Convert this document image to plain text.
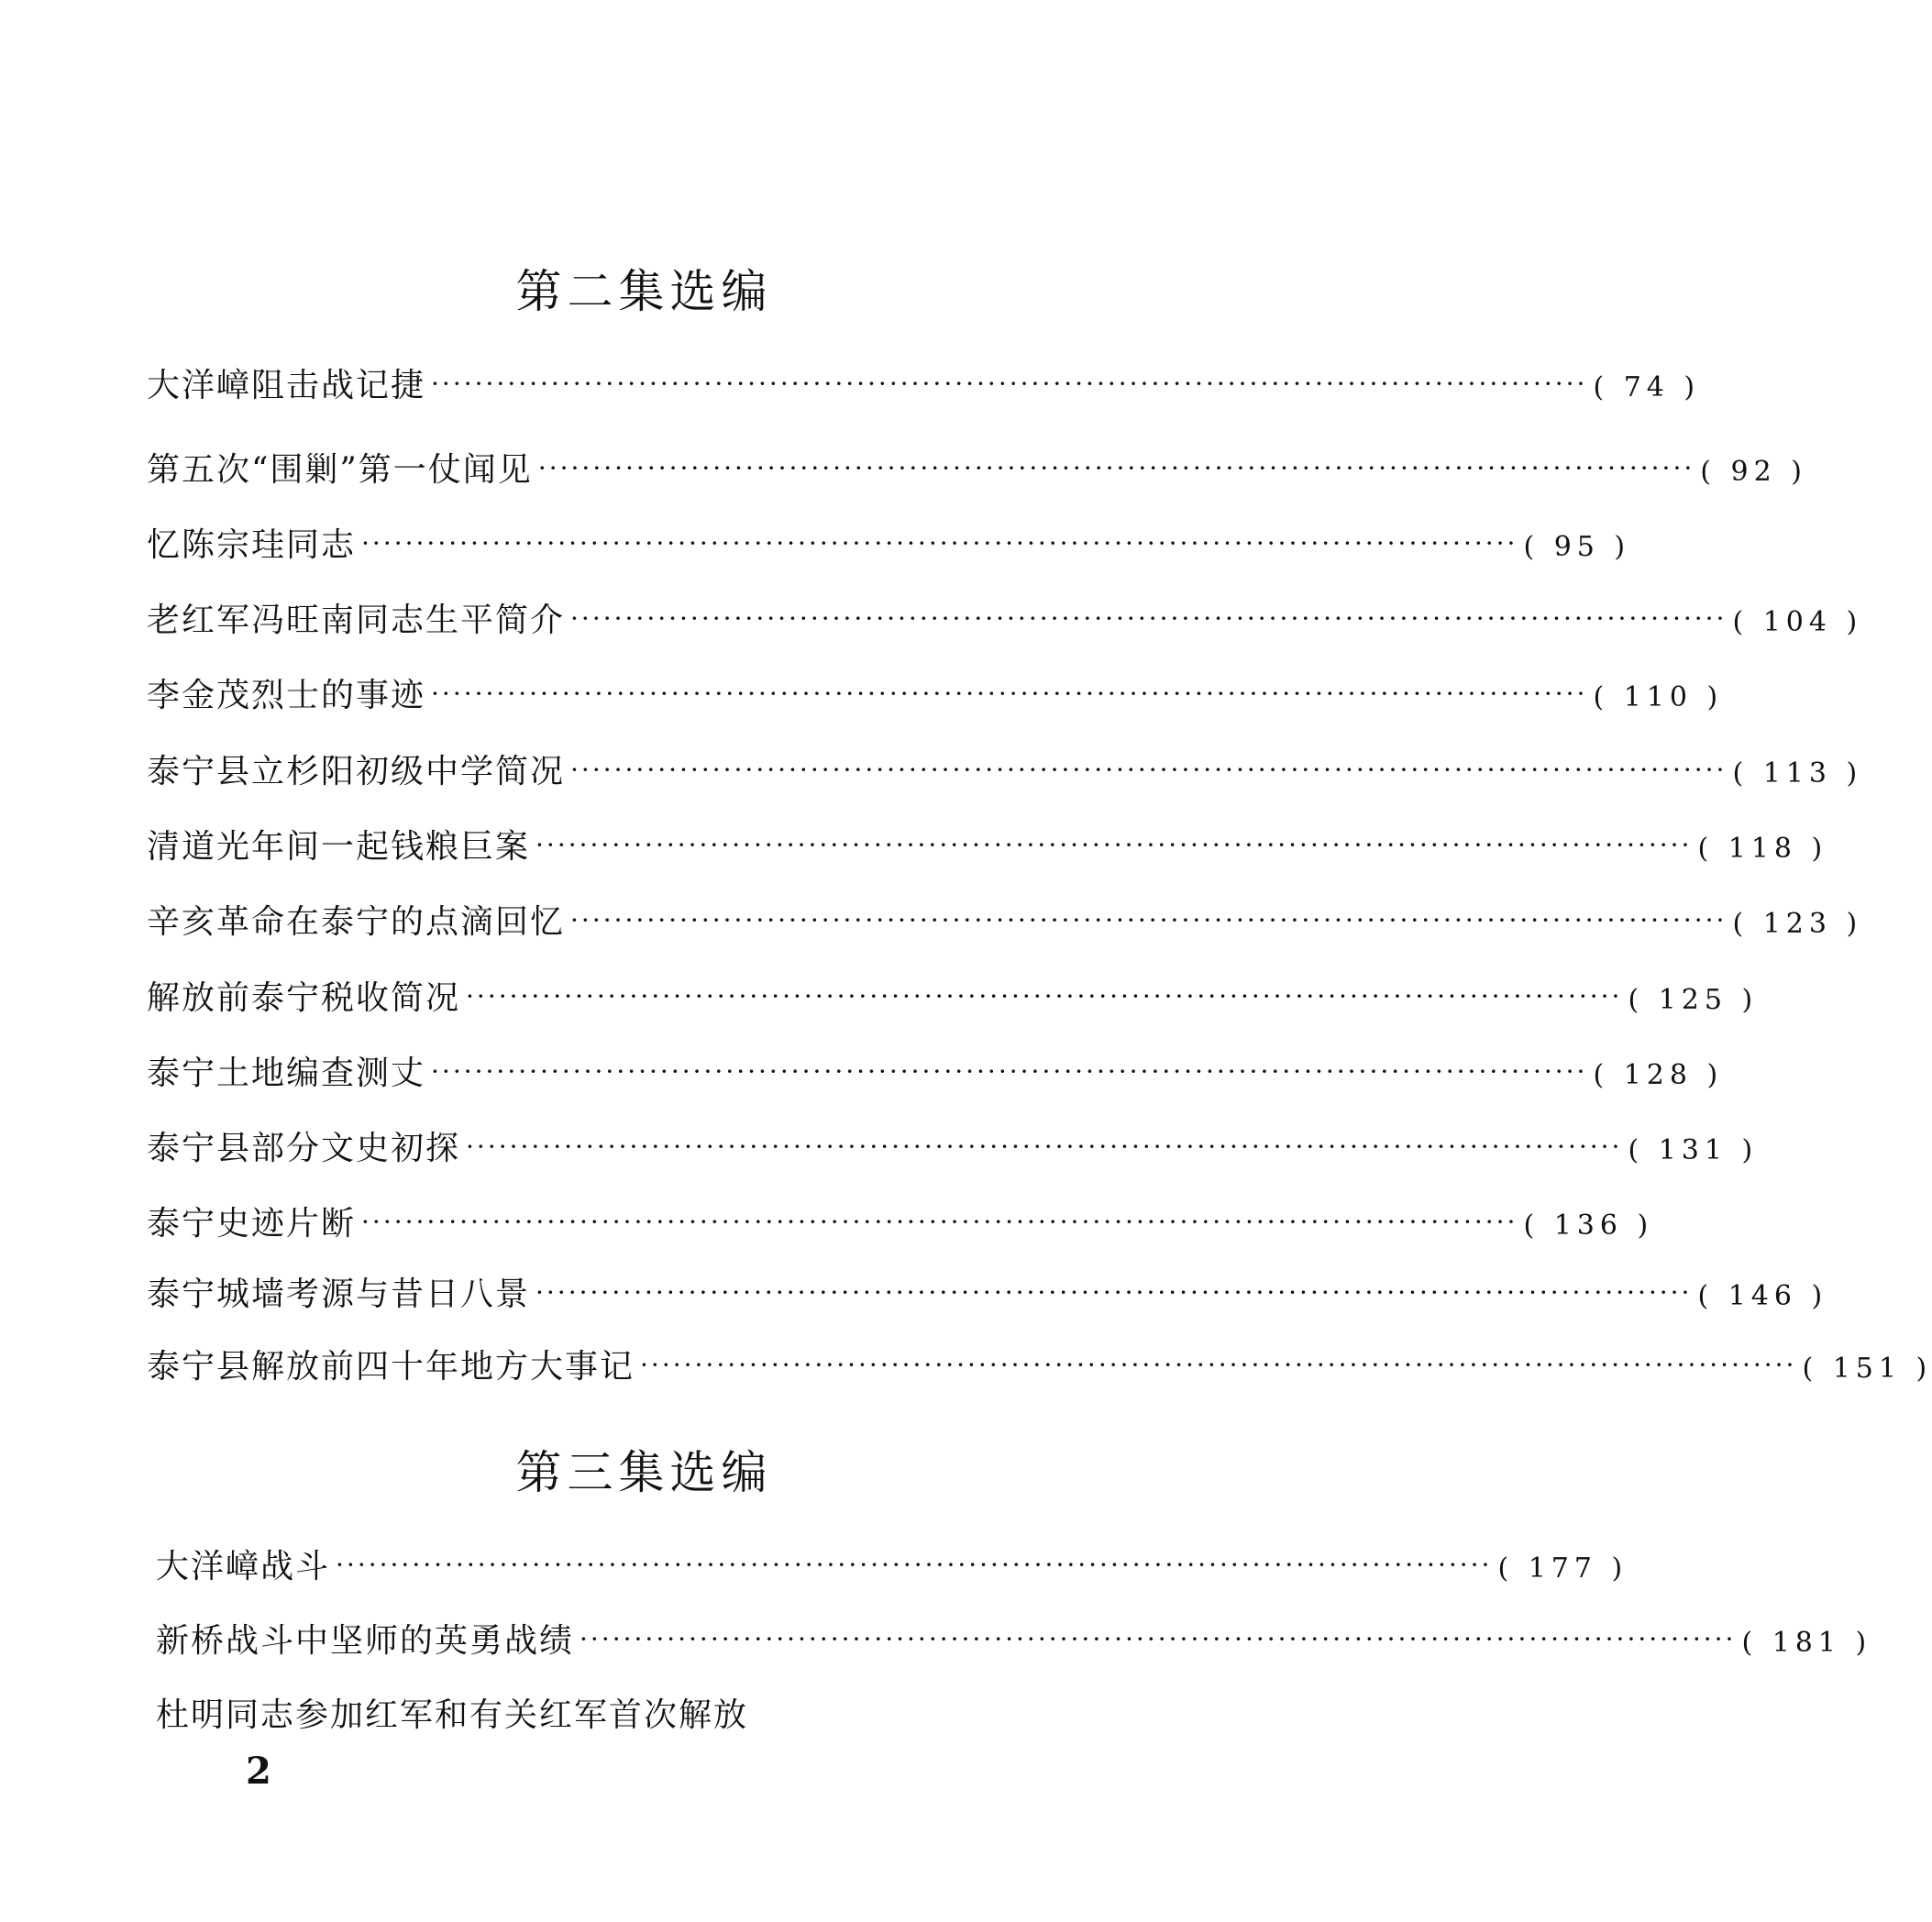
第二集选编
大洋嶂阻击战记捷 ·········································································································· ( 74 )
第五次“围剿”第一仗闻见 ·········································································································· ( 92 )
忆陈宗珪同志 ·········································································································· ( 95 )
老红军冯旺南同志生平简介 ·········································································································· ( 104 )
李金茂烈士的事迹 ·········································································································· ( 110 )
泰宁县立杉阳初级中学简况 ·········································································································· ( 113 )
清道光年间一起钱粮巨案 ·········································································································· ( 118 )
辛亥革命在泰宁的点滴回忆 ·········································································································· ( 123 )
解放前泰宁税收简况 ·········································································································· ( 125 )
泰宁土地编查测丈 ·········································································································· ( 128 )
泰宁县部分文史初探 ·········································································································· ( 131 )
泰宁史迹片断 ·········································································································· ( 136 )
泰宁城墙考源与昔日八景 ·········································································································· ( 146 )
泰宁县解放前四十年地方大事记 ·········································································································· ( 151 )
第三集选编
大洋嶂战斗 ·········································································································· ( 177 )
新桥战斗中坚师的英勇战绩 ·········································································································· ( 181 )
杜明同志参加红军和有关红军首次解放
2
